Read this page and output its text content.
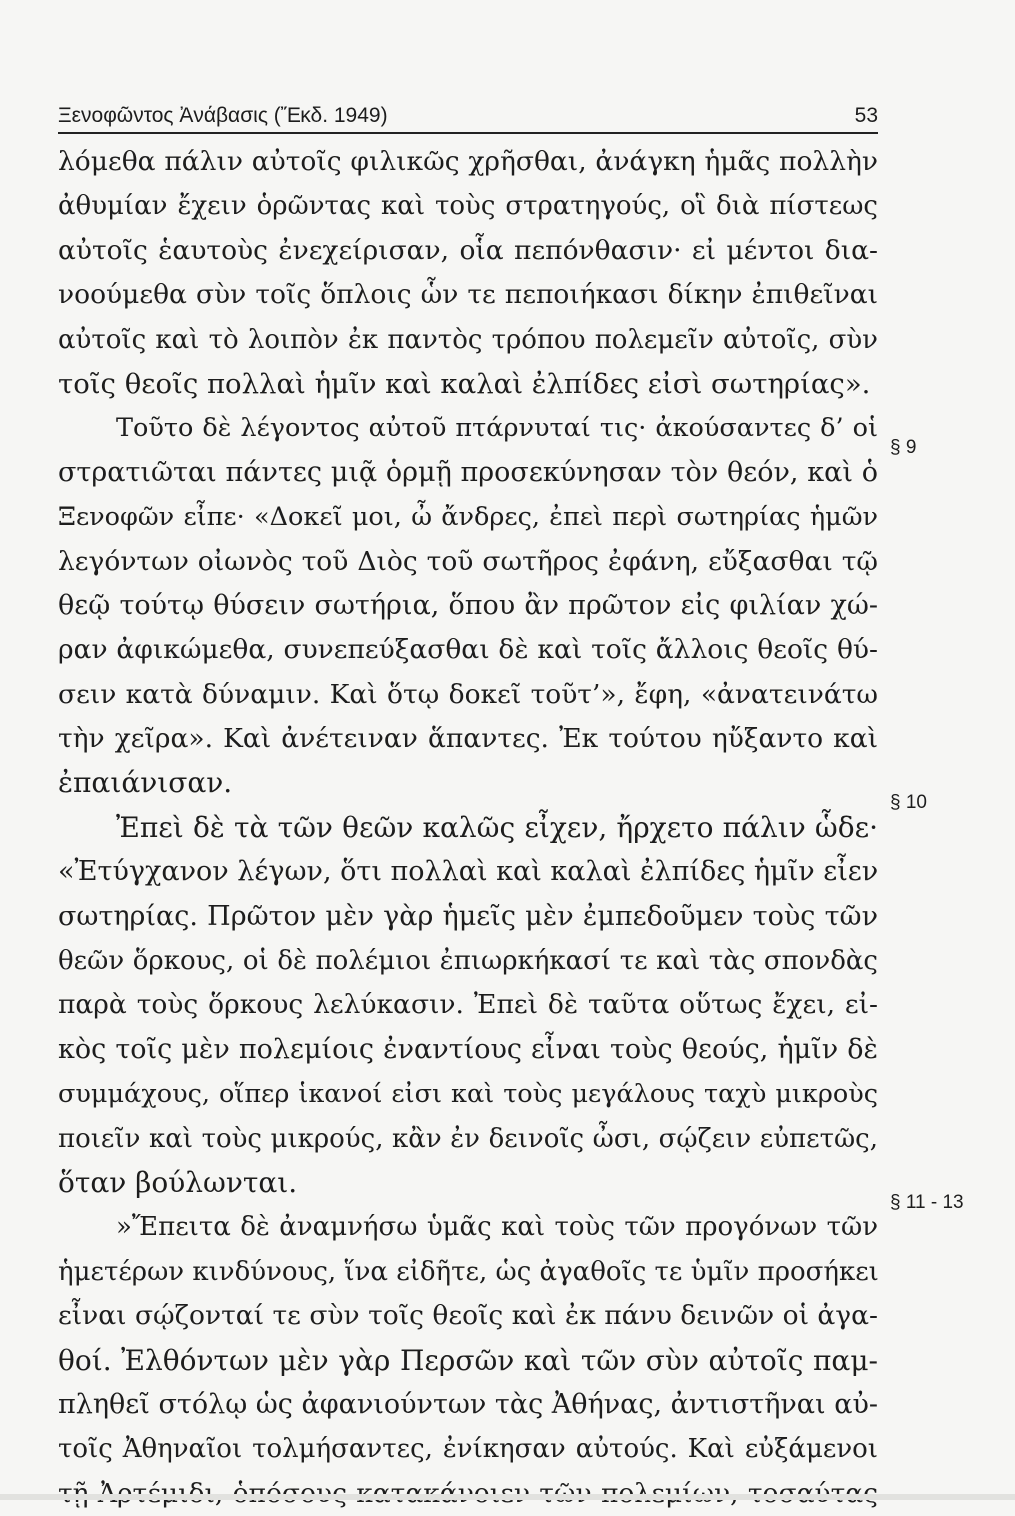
Ξενοφῶντος Ἀνάβασις (Ἔκδ. 1949)	53
λόμεθα πάλιν αὐτοῖς φιλικῶς χρῆσθαι, ἀνάγκη ἡμᾶς πολλὴν
ἀθυμίαν ἔχειν ὁρῶντας καὶ τοὺς στρατηγούς, οἳ διὰ πίστεως
αὐτοῖς ἑαυτοὺς ἐνεχείρισαν, οἷα πεπόνθασιν· εἰ μέντοι δια-
νοούμεθα σὺν τοῖς ὅπλοις ὧν τε πεποιήκασι δίκην ἐπιθεῖναι
αὐτοῖς καὶ τὸ λοιπὸν ἐκ παντὸς τρόπου πολεμεῖν αὐτοῖς, σὺν
τοῖς θεοῖς πολλαὶ ἡμῖν καὶ καλαὶ ἐλπίδες εἰσὶ σωτηρίας».
Τοῦτο δὲ λέγοντος αὐτοῦ πτάρνυταί τις· ἀκούσαντες δ’ οἱ
στρατιῶται πάντες μιᾷ ὁρμῇ προσεκύνησαν τὸν θεόν, καὶ ὁ
Ξενοφῶν εἶπε· «Δοκεῖ μοι, ὦ ἄνδρες, ἐπεὶ περὶ σωτηρίας ἡμῶν
λεγόντων οἰωνὸς τοῦ Διὸς τοῦ σωτῆρος ἐφάνη, εὔξασθαι τῷ
θεῷ τούτῳ θύσειν σωτήρια, ὅπου ἂν πρῶτον εἰς φιλίαν χώ-
ραν ἀφικώμεθα, συνεπεύξασθαι δὲ καὶ τοῖς ἄλλοις θεοῖς θύ-
σειν κατὰ δύναμιν. Καὶ ὅτῳ δοκεῖ τοῦτ’», ἔφη, «ἀνατεινάτω
τὴν χεῖρα». Καὶ ἀνέτειναν ἅπαντες. Ἐκ τούτου ηὔξαντο καὶ
ἐπαιάνισαν.
Ἐπεὶ δὲ τὰ τῶν θεῶν καλῶς εἶχεν, ἤρχετο πάλιν ὧδε·
«Ἐτύγχανον λέγων, ὅτι πολλαὶ καὶ καλαὶ ἐλπίδες ἡμῖν εἶεν
σωτηρίας. Πρῶτον μὲν γὰρ ἡμεῖς μὲν ἐμπεδοῦμεν τοὺς τῶν
θεῶν ὅρκους, οἱ δὲ πολέμιοι ἐπιωρκήκασί τε καὶ τὰς σπονδὰς
παρὰ τοὺς ὅρκους λελύκασιν. Ἐπεὶ δὲ ταῦτα οὕτως ἔχει, εἰ-
κὸς τοῖς μὲν πολεμίοις ἐναντίους εἶναι τοὺς θεούς, ἡμῖν δὲ
συμμάχους, οἵπερ ἱκανοί εἰσι καὶ τοὺς μεγάλους ταχὺ μικροὺς
ποιεῖν καὶ τοὺς μικρούς, κἂν ἐν δεινοῖς ὦσι, σῴζειν εὐπετῶς,
ὅταν βούλωνται.
»Ἔπειτα δὲ ἀναμνήσω ὑμᾶς καὶ τοὺς τῶν προγόνων τῶν
ἡμετέρων κινδύνους, ἵνα εἰδῆτε, ὡς ἀγαθοῖς τε ὑμῖν προσήκει
εἶναι σῴζονταί τε σὺν τοῖς θεοῖς καὶ ἐκ πάνυ δεινῶν οἱ ἀγα-
θοί. Ἐλθόντων μὲν γὰρ Περσῶν καὶ τῶν σὺν αὐτοῖς παμ-
πληθεῖ στόλῳ ὡς ἀφανιούντων τὰς Ἀθήνας, ἀντιστῆναι αὐ-
τοῖς Ἀθηναῖοι τολμήσαντες, ἐνίκησαν αὐτούς. Καὶ εὐξάμενοι
§ 9
§ 10
§ 11 - 13
